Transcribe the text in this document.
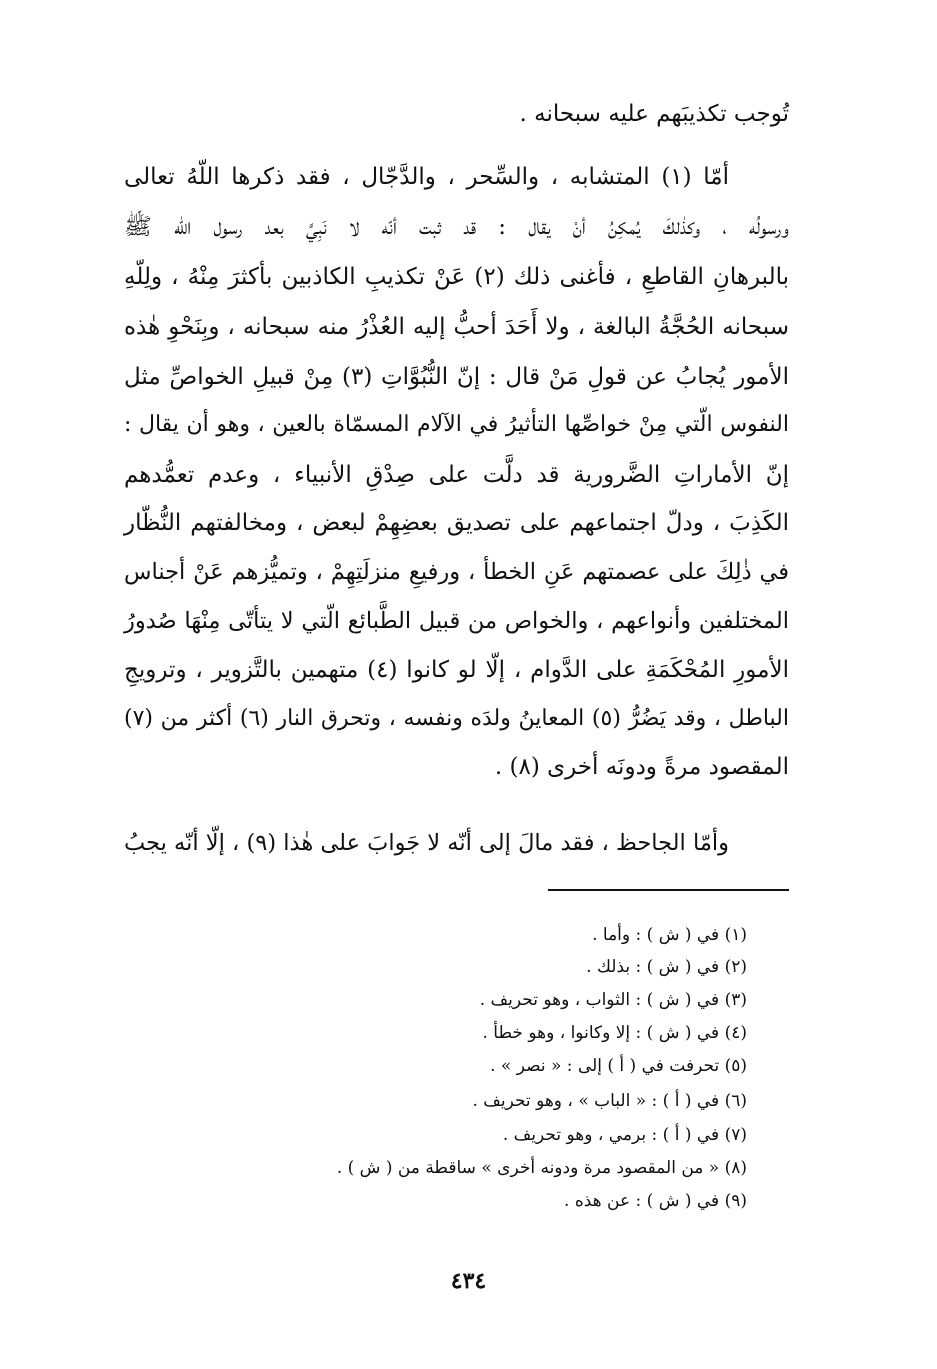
تُوجب تكذيبَهم عليه سبحانه .
أمّا (١) المتشابه ، والسِّحر ، والدَّجّال ، فقد ذكرها اللّهُ تعالى
ورسولُه ، وكذٰلكَ يُمكِنُ أنْ يقال : قد ثبت أنّه لا نَبِيَّ بعد رسول الله ﷺ
بالبرهانِ القاطعِ ، فأغنى ذلك (٢) عَنْ تكذيبِ الكاذبين بأكثرَ مِنْهُ ، ولِلّهِ
سبحانه الحُجَّةُ البالغة ، ولا أَحَدَ أحبُّ إليه العُذْرُ منه سبحانه ، وبِنَحْوِ هٰذه
الأمور يُجابُ عن قولِ مَنْ قال : إنّ النُّبُوَّاتِ (٣) مِنْ قبيلِ الخواصِّ مثل
النفوس الّتي مِنْ خواصِّها التأثيرُ في الآلام المسمّاة بالعين ، وهو أن يقال :
إنّ الأماراتِ الضَّرورية قد دلَّت على صِدْقِ الأنبياء ، وعدم تعمُّدهم
الكَذِبَ ، ودلّ اجتماعهم على تصديق بعضِهِمْ لبعض ، ومخالفتهم النُّظّار
في ذٰلِكَ على عصمتهم عَنِ الخطأ ، ورفيعِ منزلَتِهِمْ ، وتميُّزهم عَنْ أجناس
المختلفين وأنواعهم ، والخواص من قبيل الطَّبائع الّتي لا يتأتّى مِنْهَا صُدورُ
الأمورِ المُحْكَمَةِ على الدَّوام ، إلّا لو كانوا (٤) متهمين بالتَّزوير ، وترويجِ
الباطل ، وقد يَضُرُّ (٥) المعاينُ ولدَه ونفسه ، وتحرق النار (٦) أكثر من (٧)
المقصود مرةً ودونَه أخرى (٨) .
وأمّا الجاحظ ، فقد مالَ إلى أنّه لا جَوابَ على هٰذا (٩) ، إلّا أنّه يجبُ
(١) في ( ش ) : وأما .
(٢) في ( ش ) : بذلك .
(٣) في ( ش ) : الثواب ، وهو تحريف .
(٤) في ( ش ) : إلا وكانوا ، وهو خطأ .
(٥) تحرفت في ( أ ) إلى : « نصر » .
(٦) في ( أ ) : « الباب » ، وهو تحريف .
(٧) في ( أ ) : برمي ، وهو تحريف .
(٨) « من المقصود مرة ودونه أخرى » ساقطة من ( ش ) .
(٩) في ( ش ) : عن هذه .
٤٣٤
